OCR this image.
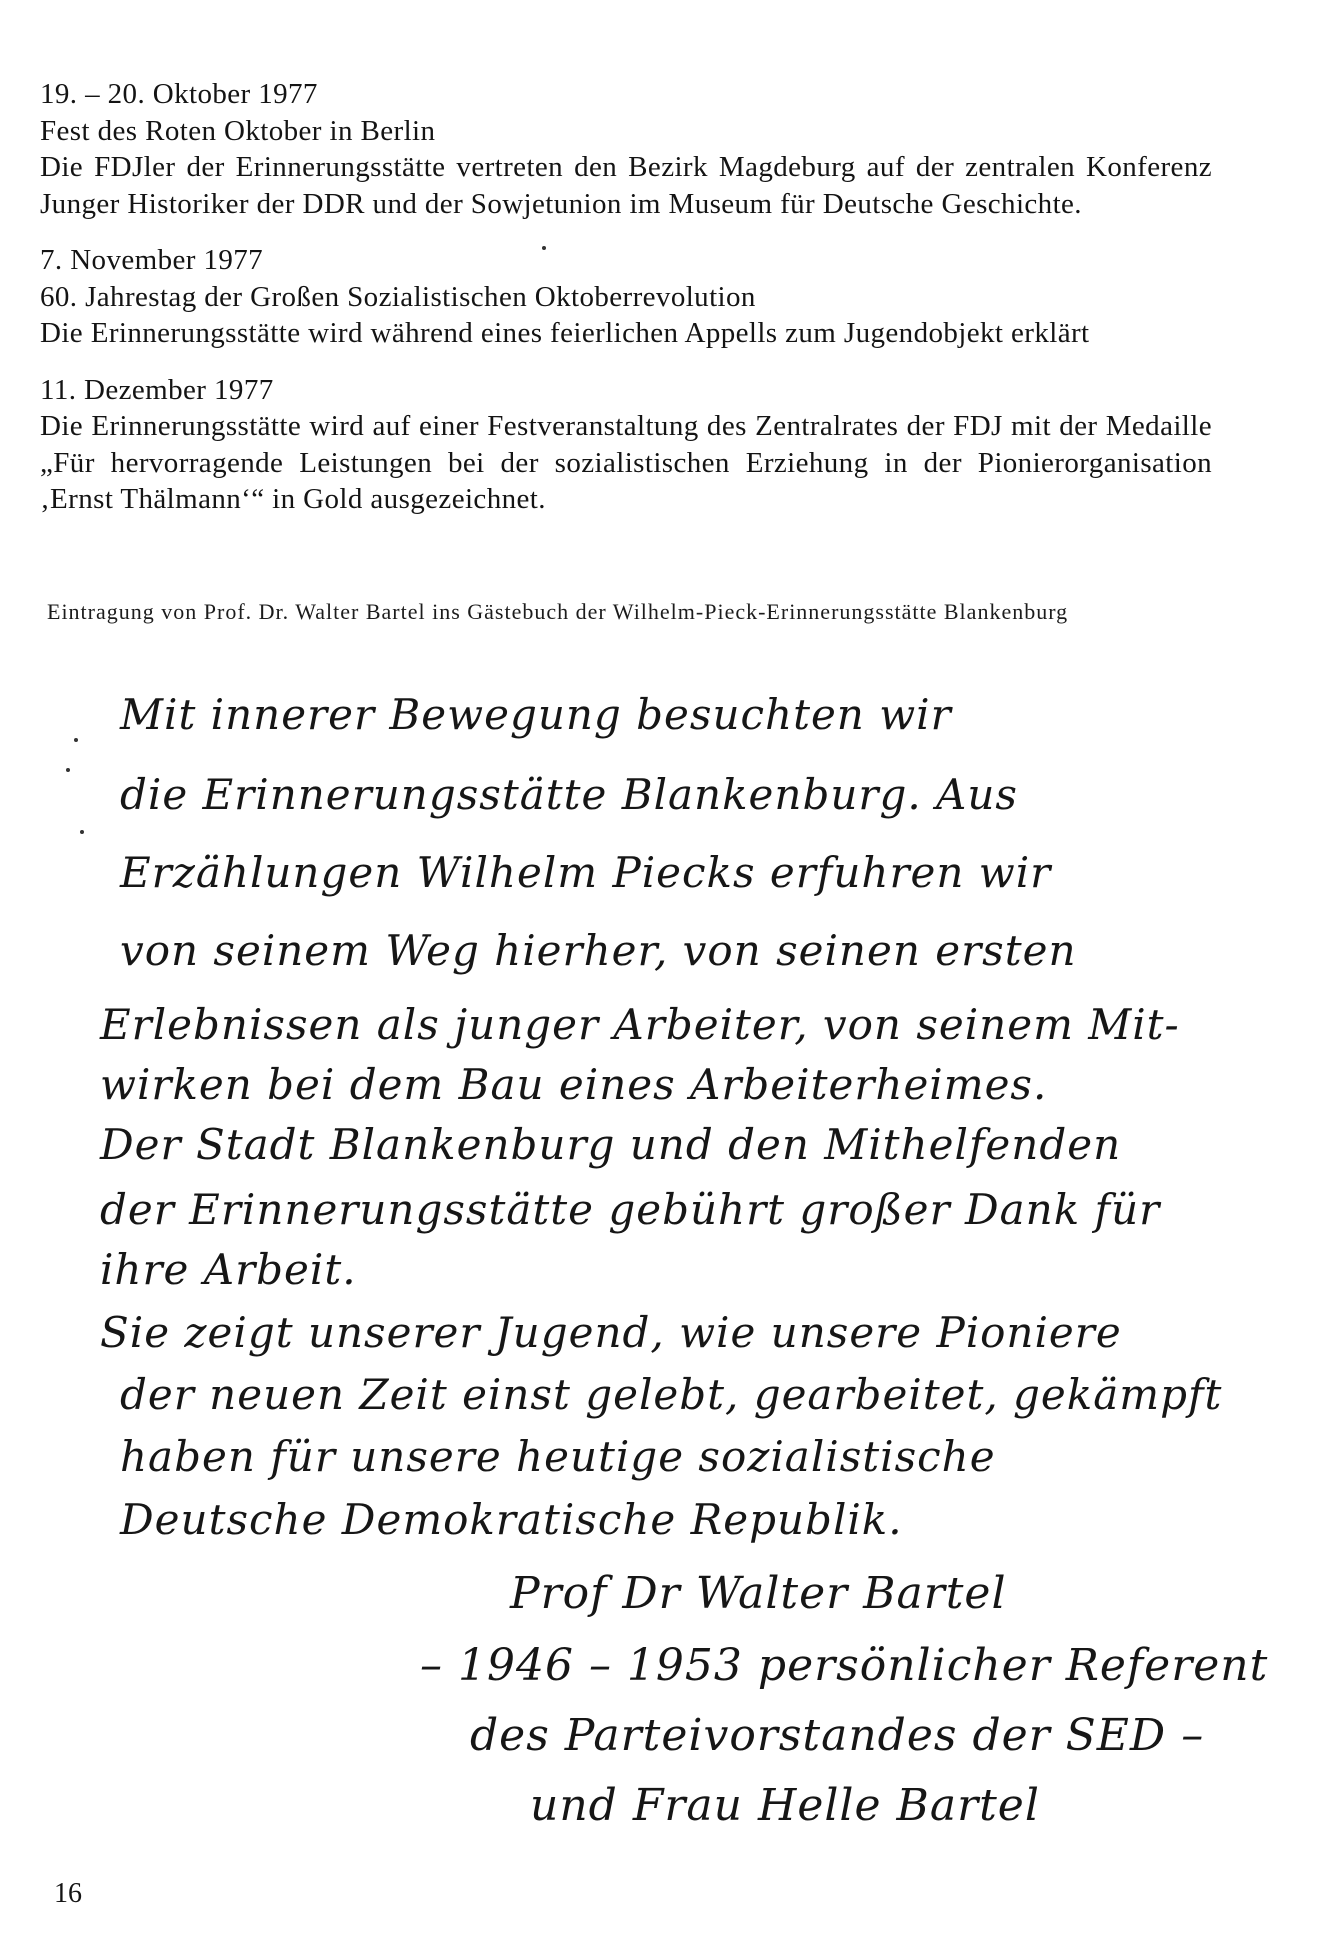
19. – 20. Oktober 1977

Fest des Roten Oktober in Berlin

Die FDJler der Erinnerungsstätte vertreten den Bezirk Magdeburg auf der zentralen Konferenz Junger Historiker der DDR und der Sowjetunion im Museum für Deutsche Geschichte.

7. November 1977

60. Jahrestag der Großen Sozialistischen Oktoberrevolution

Die Erinnerungsstätte wird während eines feierlichen Appells zum Jugendobjekt erklärt

11. Dezember 1977

Die Erinnerungsstätte wird auf einer Festveranstaltung des Zentralrates der FDJ mit der Medaille „Für hervorragende Leistungen bei der sozialistischen Erziehung in der Pionierorganisation ‚Ernst Thälmann‘“ in Gold ausgezeichnet.

Eintragung von Prof. Dr. Walter Bartel ins Gästebuch der Wilhelm-Pieck-Erinnerungsstätte Blankenburg
Mit innerer Bewegung besuchten wir
die Erinnerungsstätte Blankenburg. Aus
Erzählungen Wilhelm Piecks erfuhren wir
von seinem Weg hierher, von seinen ersten
Erlebnissen als junger Arbeiter, von seinem Mit-
wirken bei dem Bau eines Arbeiterheimes.
Der Stadt Blankenburg und den Mithelfenden
der Erinnerungsstätte gebührt großer Dank für
ihre Arbeit.
Sie zeigt unserer Jugend, wie unsere Pioniere
der neuen Zeit einst gelebt, gearbeitet, gekämpft
haben für unsere heutige sozialistische
Deutsche Demokratische Republik.
Prof Dr Walter Bartel
– 1946 – 1953 persönlicher Referent
des Parteivorstandes der SED –
und Frau Helle Bartel
16
